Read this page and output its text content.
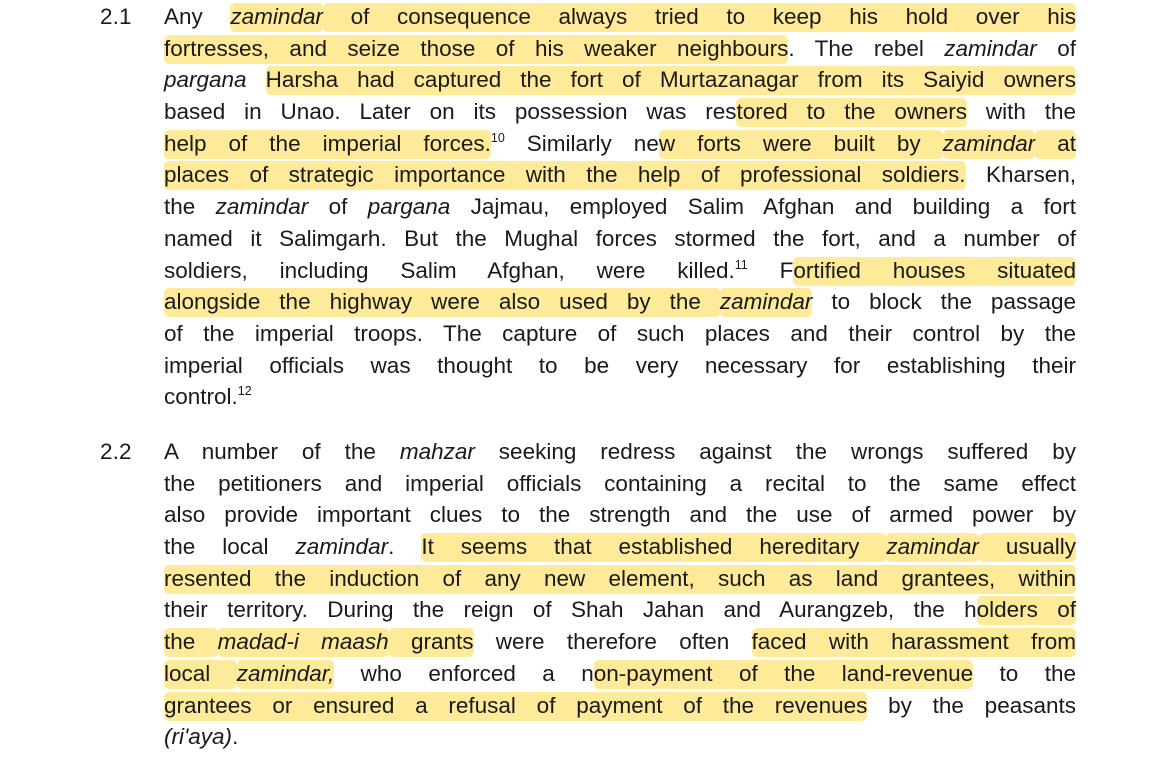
2.1 Any zamindar of consequence always tried to keep his hold over his
fortresses, and seize those of his weaker neighbours. The rebel zamindar of
pargana Harsha had captured the fort of Murtazanagar from its Saiyid owners
based in Unao. Later on its possession was restored to the owners with the
help of the imperial forces.$^{10}$ Similarly new forts were built by zamindar at
places of strategic importance with the help of professional soldiers. Kharsen,
the zamindar of pargana Jajmau, employed Salim Afghan and building a fort
named it Salimgarh. But the Mughal forces stormed the fort, and a number of
soldiers, including Salim Afghan, were killed.$^{11}$ Fortified houses situated
alongside the highway were also used by the zamindar to block the passage
of the imperial troops. The capture of such places and their control by the
imperial officials was thought to be very necessary for establishing their
control.$^{12}$
2.2 A number of the mahzar seeking redress against the wrongs suffered by
the petitioners and imperial officials containing a recital to the same effect
also provide important clues to the strength and the use of armed power by
the local zamindar. It seems that established hereditary zamindar usually
resented the induction of any new element, such as land grantees, within
their territory. During the reign of Shah Jahan and Aurangzeb, the holders of
the madad-i maash grants were therefore often faced with harassment from
local zamindar, who enforced a non-payment of the land-revenue to the
grantees or ensured a refusal of payment of the revenues by the peasants
(ri'aya).
